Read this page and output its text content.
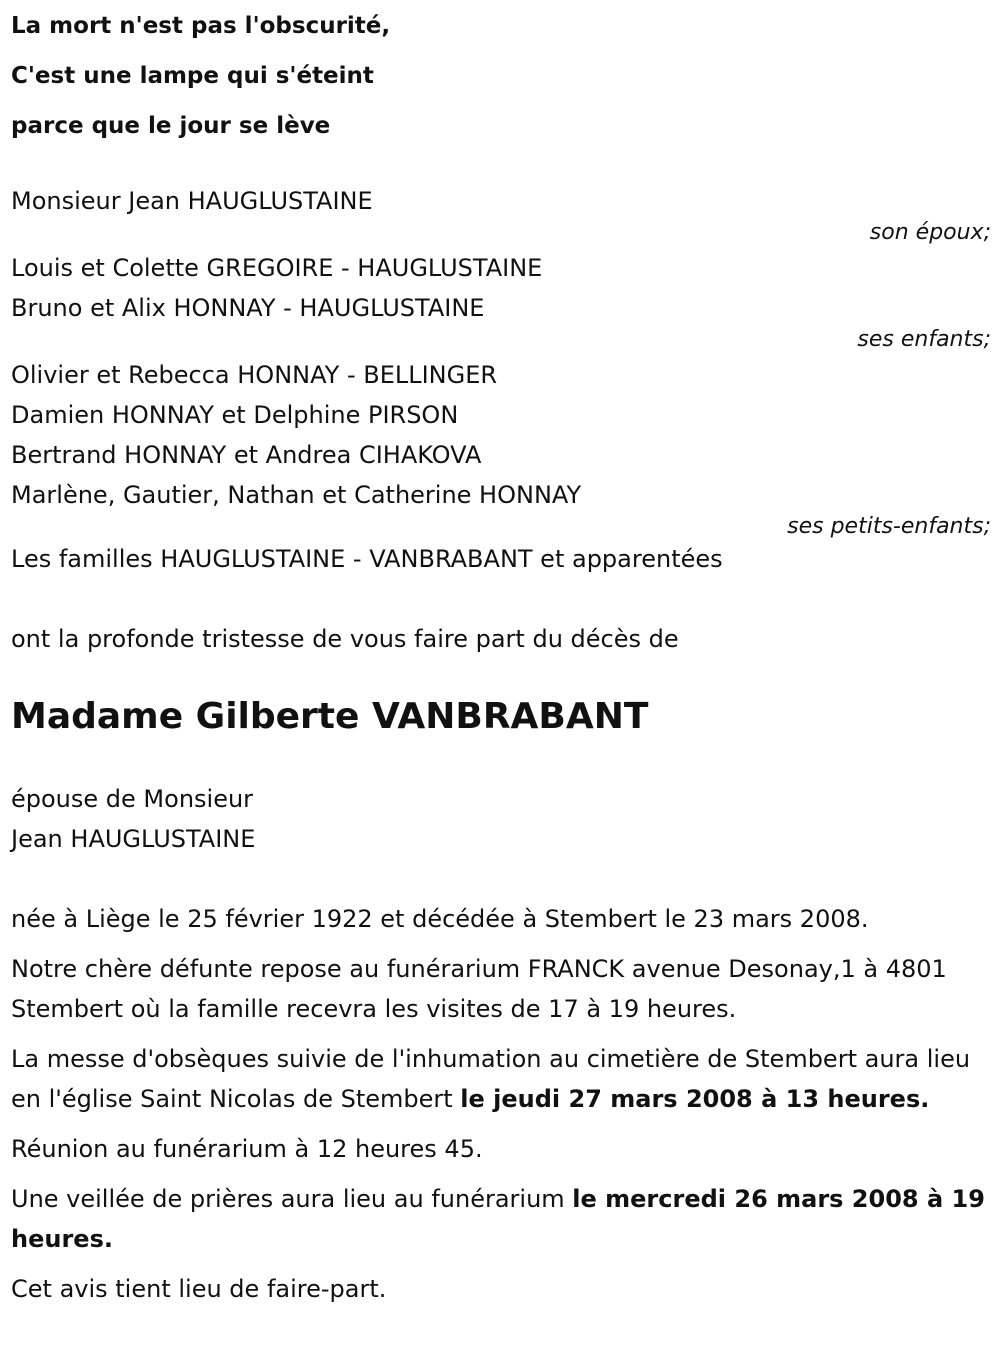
La mort n'est pas l'obscurité,
C'est une lampe qui s'éteint
parce que le jour se lève
Monsieur Jean HAUGLUSTAINE
son époux;
Louis et Colette GREGOIRE - HAUGLUSTAINE
Bruno et Alix HONNAY - HAUGLUSTAINE
ses enfants;
Olivier et Rebecca HONNAY - BELLINGER
Damien HONNAY et Delphine PIRSON
Bertrand HONNAY et Andrea CIHAKOVA
Marlène, Gautier, Nathan et Catherine HONNAY
ses petits-enfants;
Les familles HAUGLUSTAINE - VANBRABANT et apparentées
ont la profonde tristesse de vous faire part du décès de
Madame Gilberte VANBRABANT
épouse de Monsieur
Jean HAUGLUSTAINE
née à Liège le 25 février 1922 et décédée à Stembert le 23 mars 2008.
Notre chère défunte repose au funérarium FRANCK avenue Desonay,1 à 4801 Stembert où la famille recevra les visites de 17 à 19 heures.
La messe d'obsèques suivie de l'inhumation au cimetière de Stembert aura lieu en l'église Saint Nicolas de Stembert le jeudi 27 mars 2008 à 13 heures.
Réunion au funérarium à 12 heures 45.
Une veillée de prières aura lieu au funérarium le mercredi 26 mars 2008 à 19 heures.
Cet avis tient lieu de faire-part.
